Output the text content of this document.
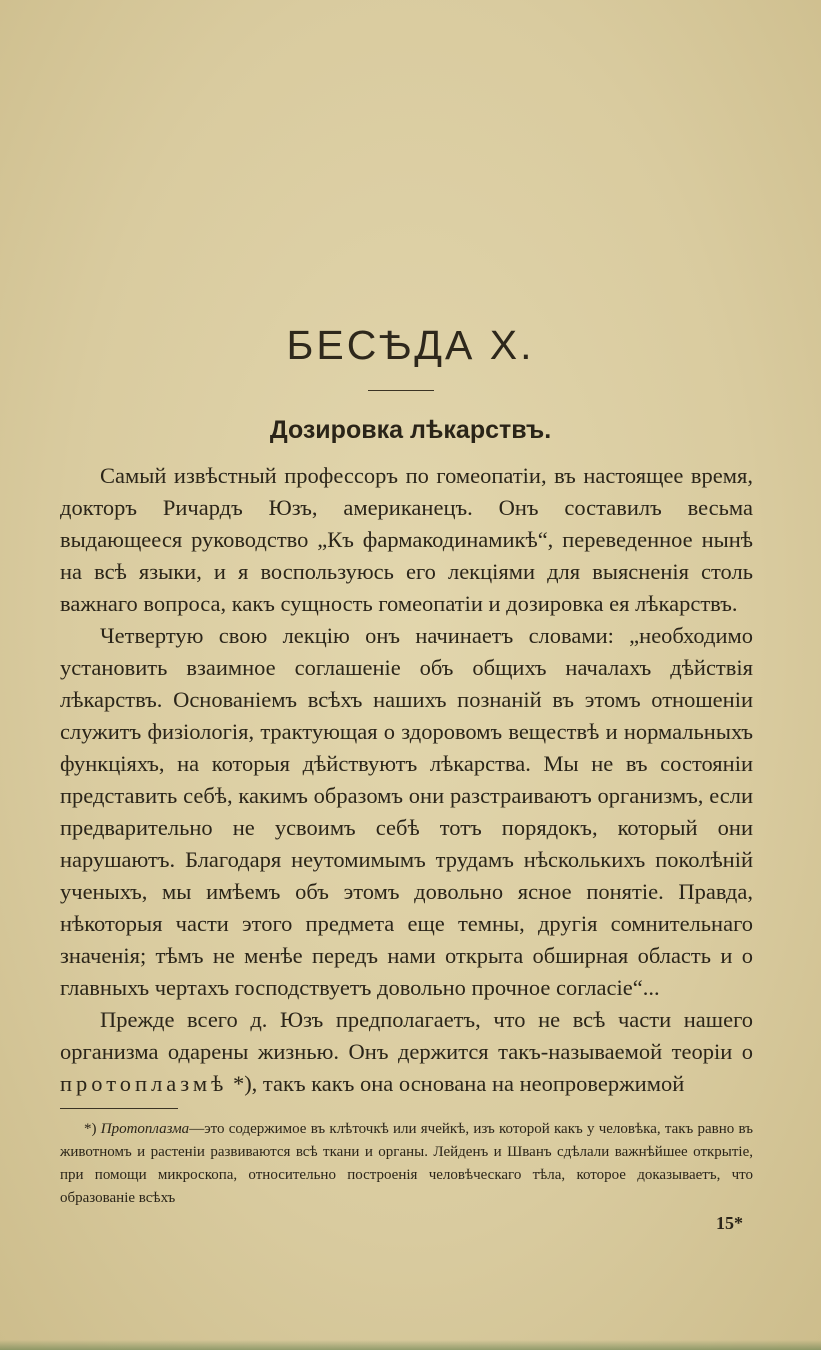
БЕСѢДА X.
Дозировка лѣкарствъ.

Самый извѣстный профессоръ по гомеопатіи, въ настоящее время, докторъ Ричардъ Юзъ, американецъ. Онъ составилъ весьма выдающееся руководство „Къ фармакодинамикѣ“, переведенное нынѣ на всѣ языки, и я воспользуюсь его лекціями для выясненія столь важнаго вопроса, какъ сущность гомеопатіи и дозировка ея лѣкарствъ.

Четвертую свою лекцію онъ начинаетъ словами: „необходимо установить взаимное соглашеніе объ общихъ началахъ дѣйствія лѣкарствъ. Основаніемъ всѣхъ нашихъ познаній въ этомъ отношеніи служитъ физіологія, трактующая о здоровомъ веществѣ и нормальныхъ функціяхъ, на которыя дѣйствуютъ лѣкарства. Мы не въ состояніи представить себѣ, какимъ образомъ они разстраиваютъ организмъ, если предварительно не усвоимъ себѣ тотъ порядокъ, который они нарушаютъ. Благодаря неутомимымъ трудамъ нѣсколькихъ поколѣній ученыхъ, мы имѣемъ объ этомъ довольно ясное понятіе. Правда, нѣкоторыя части этого предмета еще темны, другія сомнительнаго значенія; тѣмъ не менѣе передъ нами открыта обширная область и о главныхъ чертахъ господствуетъ довольно прочное согласіе“...

Прежде всего д. Юзъ предполагаетъ, что не всѣ части нашего организма одарены жизнью. Онъ держится такъ-называемой теоріи о протоплазмѣ *), такъ какъ она основана на неопровержимой

*) Протоплазма—это содержимое въ клѣточкѣ или ячейкѣ, изъ которой какъ у человѣка, такъ равно въ животномъ и растеніи развиваются всѣ ткани и органы. Лейденъ и Шванъ сдѣлали важнѣйшее открытіе, при помощи микроскопа, относительно построенія человѣческаго тѣла, которое доказываетъ, что образованіе всѣхъ

15*
